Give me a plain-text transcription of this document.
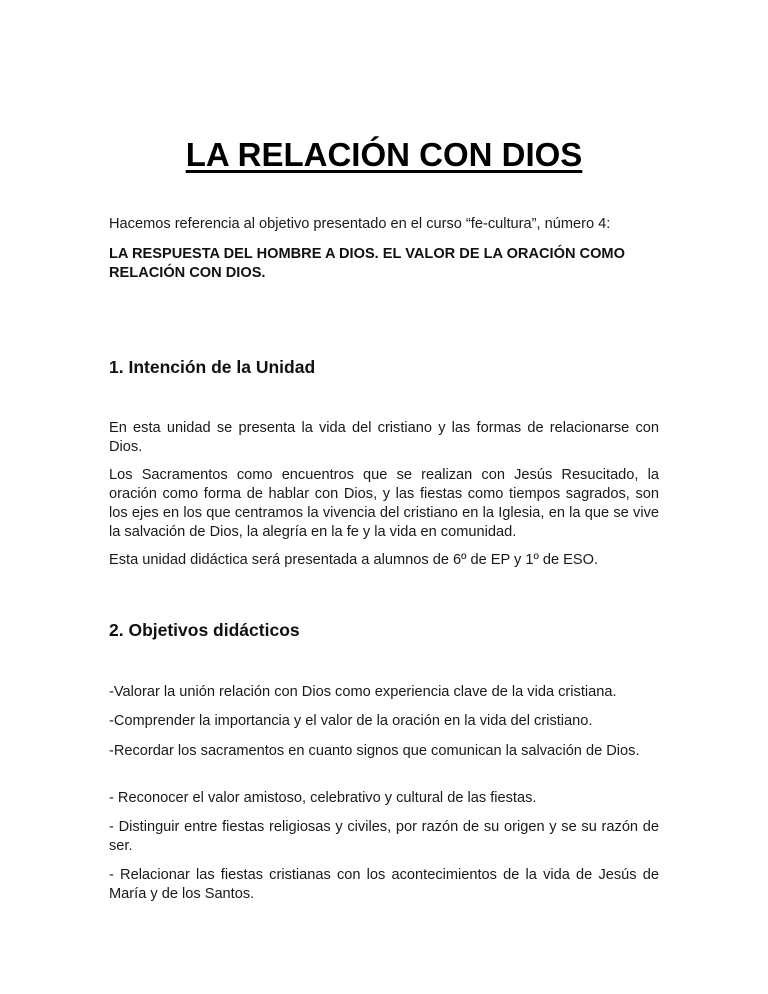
LA RELACIÓN CON DIOS

Hacemos referencia al objetivo presentado en el curso “fe-cultura”, número 4:

LA RESPUESTA DEL HOMBRE A DIOS. EL VALOR DE LA ORACIÓN COMO RELACIÓN CON DIOS.

1. Intención de la Unidad

En esta unidad se presenta la vida del cristiano y las formas de relacionarse con Dios.

Los Sacramentos como encuentros que se realizan con Jesús Resucitado, la oración como forma de hablar con Dios, y las fiestas como tiempos sagrados, son los ejes en los que centramos la vivencia del cristiano en la Iglesia, en la que se vive la salvación de Dios, la alegría en la fe y la vida en comunidad.

Esta unidad didáctica será presentada a alumnos de 6º de EP y 1º de ESO.

2. Objetivos didácticos

-Valorar la unión relación con Dios como experiencia clave de la vida cristiana.

-Comprender la importancia y el valor de la oración en la vida del cristiano.

-Recordar los sacramentos en cuanto signos que comunican la salvación de Dios.

- Reconocer el valor amistoso, celebrativo y cultural de las fiestas.

- Distinguir entre fiestas religiosas y civiles, por razón de su origen y se su razón de ser.

- Relacionar las fiestas cristianas con los acontecimientos de la vida de Jesús de María y de los Santos.
